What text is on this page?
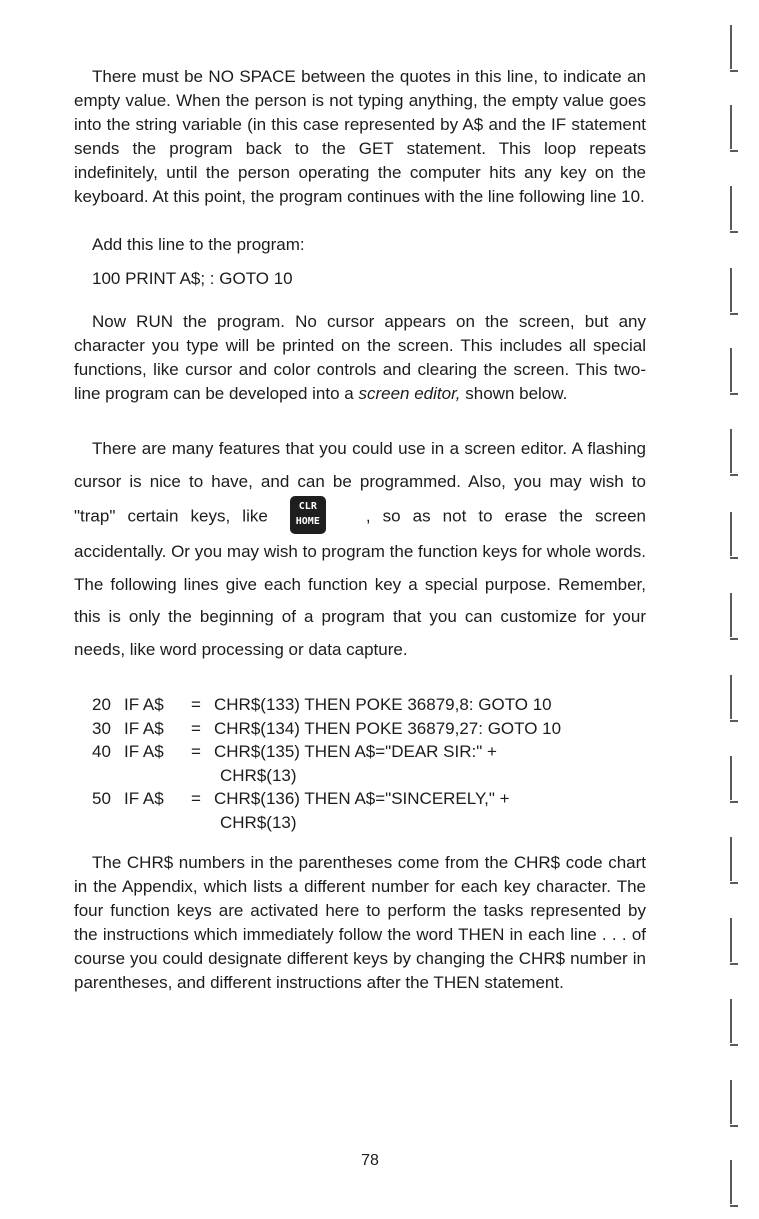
There must be NO SPACE between the quotes in this line, to indicate an empty value. When the person is not typing anything, the empty value goes into the string variable (in this case represented by A$ and the IF statement sends the program back to the GET statement. This loop repeats indefinitely, until the person operating the computer hits any key on the keyboard. At this point, the program continues with the line following line 10.

Add this line to the program:

100 PRINT A$; : GOTO 10

Now RUN the program. No cursor appears on the screen, but any character you type will be printed on the screen. This includes all special functions, like cursor and color controls and clearing the screen. This two-line program can be developed into a screen editor, shown below.

There are many features that you could use in a screen editor. A flashing cursor is nice to have, and can be programmed. Also, you may wish to "trap" certain keys, like	CLR
HOME	, so as not to erase the screen accidentally. Or you may wish to program the function keys for whole words. The following lines give each function key a special purpose. Remember, this is only the beginning of a program that you can customize for your needs, like word processing or data capture.

20 IF A$	= CHR$(133) THEN POKE 36879,8: GOTO 10
30 IF A$	= CHR$(134) THEN POKE 36879,27: GOTO 10
40 IF A$	= CHR$(135) THEN A$="DEAR SIR:" +
CHR$(13)
50 IF A$	= CHR$(136) THEN A$="SINCERELY," +
CHR$(13)

The CHR$ numbers in the parentheses come from the CHR$ code chart in the Appendix, which lists a different number for each key character. The four function keys are activated here to perform the tasks represented by the instructions which immediately follow the word THEN in each line . . . of course you could designate different keys by changing the CHR$ number in parentheses, and different instructions after the THEN statement.

78
